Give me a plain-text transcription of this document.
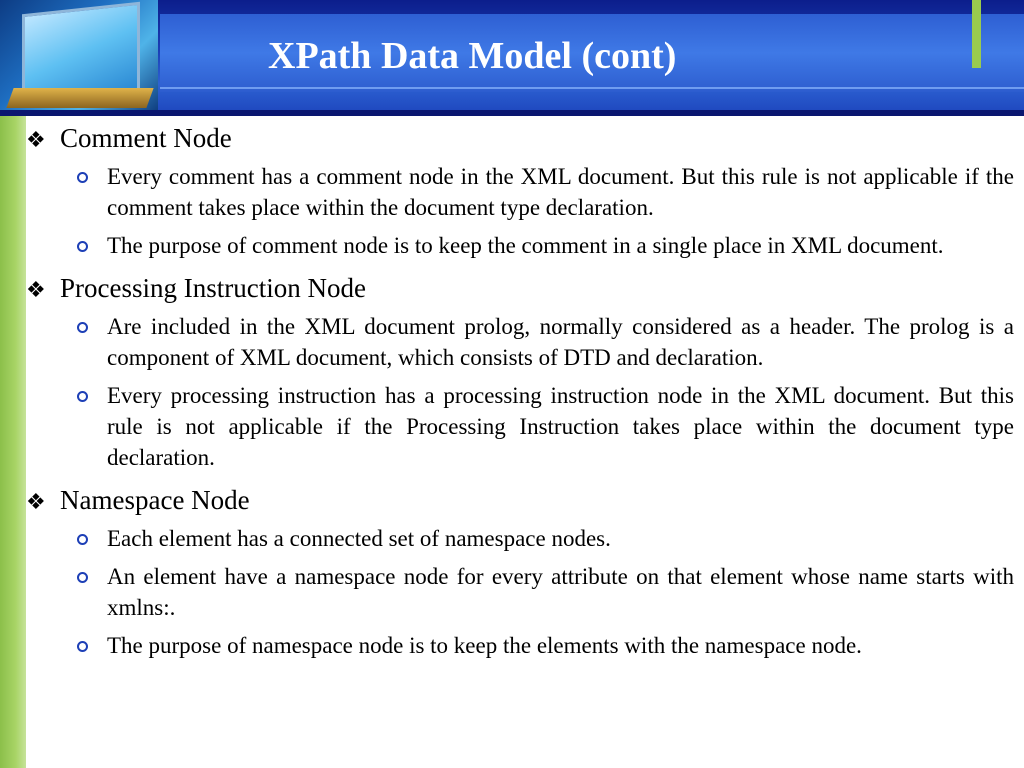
XPath Data Model (cont)
❖ Comment Node
Every comment has a comment node in the XML document. But this rule is not applicable if the comment takes place within the document type declaration.
The purpose of comment node is to keep the comment in a single place in XML document.
❖ Processing Instruction Node
Are included in the XML document prolog, normally considered as a header. The prolog is a component of XML document, which consists of DTD and declaration.
Every processing instruction has a processing instruction node in the XML document. But this rule is not applicable if the Processing Instruction takes place within the document type declaration.
❖ Namespace Node
Each element has a connected set of namespace nodes.
An element have a namespace node for every attribute on that element whose name starts with xmlns:.
The purpose of namespace node is to keep the elements with the namespace node.
